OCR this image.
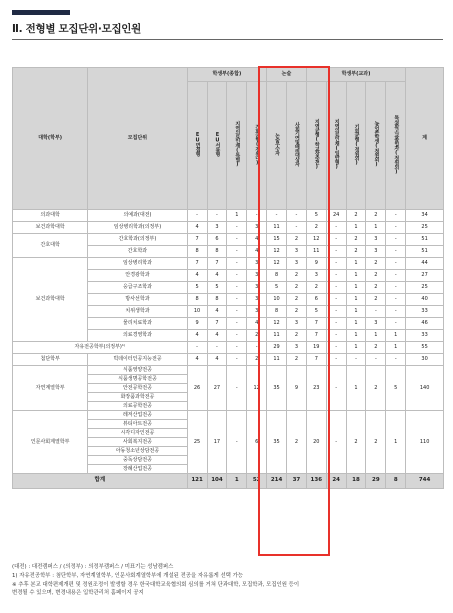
Ⅱ. 전형별 모집단위·모집인원
대학(학부)	모집단위	학생부(종합)				논술		학생부(교과)					계
		EU면접형	EU서류형	지역의료인재(특별)	기회균형(정원내)	논술우수자	사회기여및배려대상자	지역균형(학교장추천)	지역의료인재(일반형)	기회균형(정원외)	농어촌학생(정원외)	특성화고교졸업자(정원외)	
의과대학	의예과(대전)	-	-	1	-	-	-	5	24	2	2	-	34
보건과학대학	임상병리학과(의정부)	4	3	-	3	11	-	2	-	1	1	-	25
간호대학	간호학과(의정부)	7	6	-	4	15	2	12	-	2	3	-	51
	간호학과	8	8	-	4	12	3	11	-	2	3	-	51
보건과학대학	임상병리학과	7	7	-	3	12	3	9	-	1	2	-	44
	안경광학과	4	4	-	3	8	2	3	-	1	2	-	27
	응급구조학과	5	5	-	3	5	2	2	-	1	2	-	25
	방사선학과	8	8	-	3	10	2	6	-	1	2	-	40
	치위생학과	10	4	-	3	8	2	5	-	1	-	-	33
	물리치료학과	9	7	-	4	12	3	7	-	1	3	-	46
	의료경영학과	4	4	-	2	11	2	7	-	1	1	1	33
자유전공학부(의정부)¹⁾		-	-	-	-	29	3	19	-	1	2	1	55
첨단학부	빅데이터인공지능전공	4	4	-	2	11	2	7	-	-	-	-	30
자연계열학부	식품영양전공	26	27	-	12	35	9	23	-	1	2	5	140
	식품생명공학전공												
	안전공학전공												
	화장품과학전공												
	의료공학전공												
인문사회계열학부	레저산업전공	25	17	-	6	35	2	20	-	2	2	1	110
	뷰티아트전공												
	시각디자인전공												
	사회복지전공												
	아동청소년상담전공												
	중독상담전공												
	장례산업전공												
합계		121	104	1	52	214	37	136	24	18	29	8	744
(대전) : 대전캠퍼스 / (의정부) : 의정부캠퍼스 / 미표기는 성남캠퍼스
1) 자유전공학부 : 첨단학부, 자연계열학부, 인문사회계열학부에 개설된 전공을 자유롭게 선택 가능
※ 추후 본교 대학편제개편 및 정원조정이 발생할 경우 한국대학교육협의회 심의를 거쳐 단과대학, 모집학과, 모집인원 등이
변경될 수 있으며, 변경내용은 입학관리처 홈페이지 공지
